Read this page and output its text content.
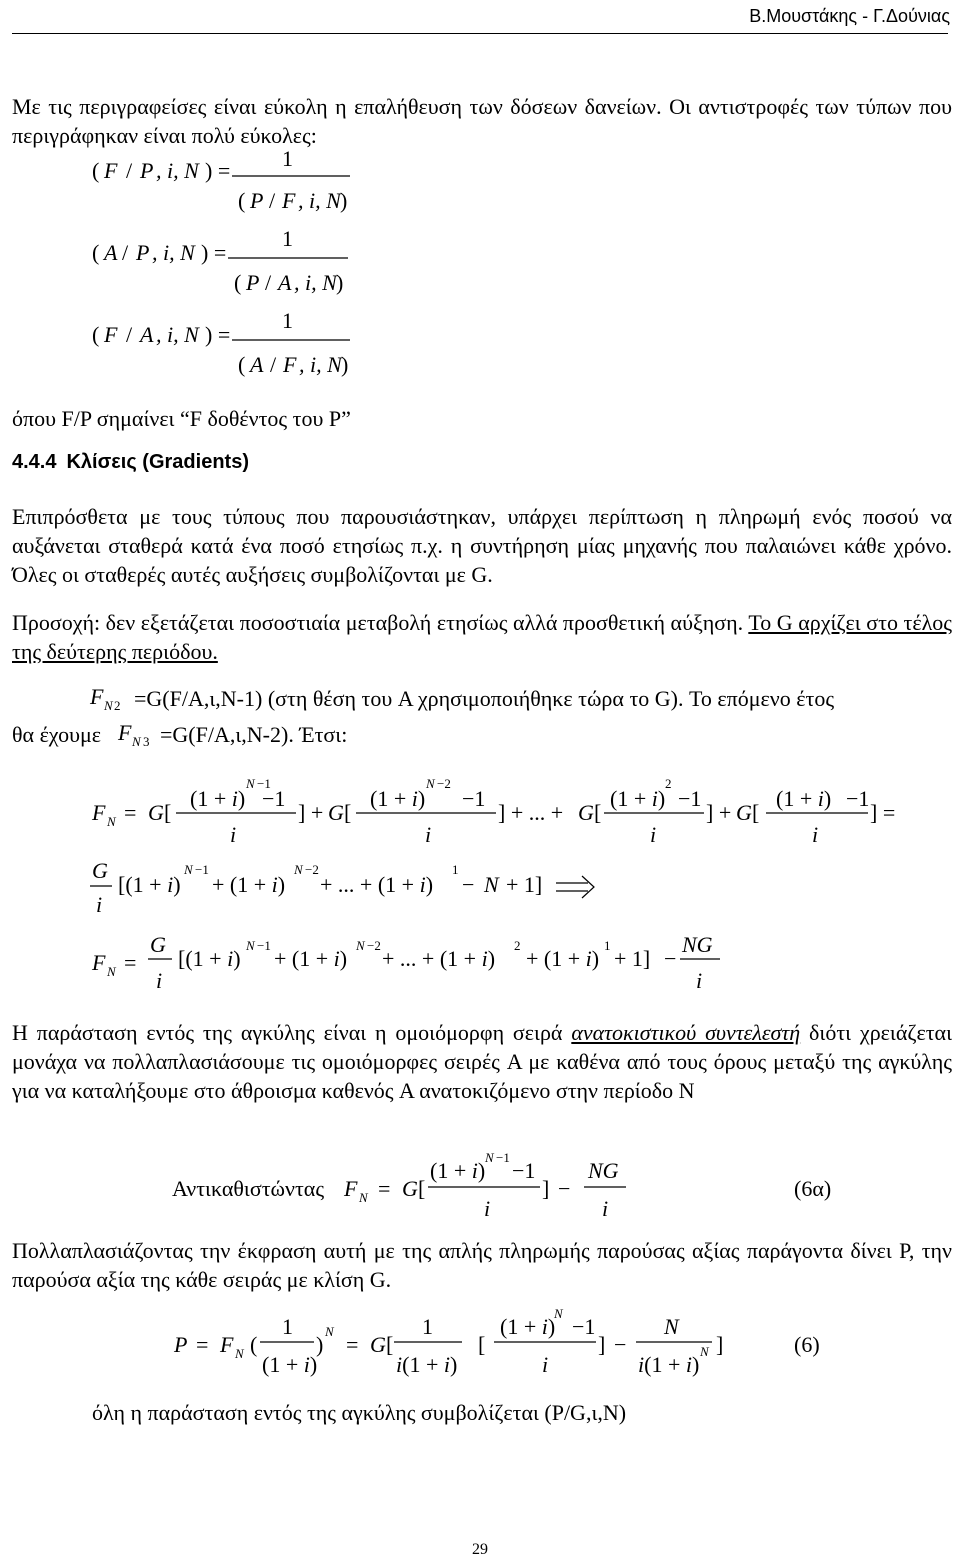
Β.Μουστάκης - Γ.Δούνιας
Με τις περιγραφείσες είναι εύκολη η επαλήθευση των δόσεων δανείων. Οι αντιστροφές των τύπων που περιγράφηκαν είναι πολύ εύκολες:
( F / P , i, N ) = 1
( P / F , i, N )
( A / P , i, N ) =
1
( P / A , i, N )
( F / A , i, N ) =
1
( A / F , i, N )
όπου F/P σημαίνει “F δοθέντος του P”
4.4.4 Κλίσεις (Gradients)
Επιπρόσθετα με τους τύπους που παρουσιάστηκαν, υπάρχει περίπτωση η πληρωμή ενός ποσού να αυξάνεται σταθερά κατά ένα ποσό ετησίως π.χ. η συντήρηση μίας μηχανής που παλαιώνει κάθε χρόνο. Όλες οι σταθερές αυτές αυξήσεις συμβολίζονται με G.
Προσοχή: δεν εξετάζεται ποσοστιαία μεταβολή ετησίως αλλά προσθετική αύξηση. Το G αρχίζει στο τέλος της δεύτερης περιόδου.
F N 2 =G(F/A,ι,N-1) (στη θέση του A χρησιμοποιήθηκε τώρα το G). Το επόμενο έτος
θα έχουμε F N 3 =G(F/A,ι,N-2). Έτσι:
F N = G [
(1 + i)
N −1
−1
i
] + G [
(1 + i)
N −2
−1
i
] + ... + G [
(1 + i)
2
−1
i
] + G [
(1 + i) −1
i
] =
G
i
[(1 + i)
N −1
+ (1 + i)
N −2
+ ... + (1 + i)
1
− N + 1]
F N =
G
i
[(1 + i)
N −1
+ (1 + i)
N −2
+ ... + (1 + i)
2
+ (1 + i)
1
+ 1] −
NG
i
Η παράσταση εντός της αγκύλης είναι η ομοιόμορφη σειρά ανατοκιστικού συντελεστή διότι χρειάζεται μονάχα να πολλαπλασιάσουμε τις ομοιόμορφες σειρές A με καθένα από τους όρους μεταξύ της αγκύλης για να καταλήξουμε στο άθροισμα καθενός A ανατοκιζόμενο στην περίοδο N
Αντικαθιστώντας F N = G [
(1 + i)
N −1
−1
i
] −
NG
i
(6α)
Πολλαπλασιάζοντας την έκφραση αυτή με της απλής πληρωμής παρούσας αξίας παράγοντα δίνει P, την παρούσα αξία της κάθε σειράς με κλίση G.
P = F N (
1
(1 + i)
)
N
= G [
1
i(1 + i)
[
(1 + i)
N
−1
i
] −
N
i(1 + i)
N ]	(6)
όλη η παράσταση εντός της αγκύλης συμβολίζεται (P/G,ι,N)
29
